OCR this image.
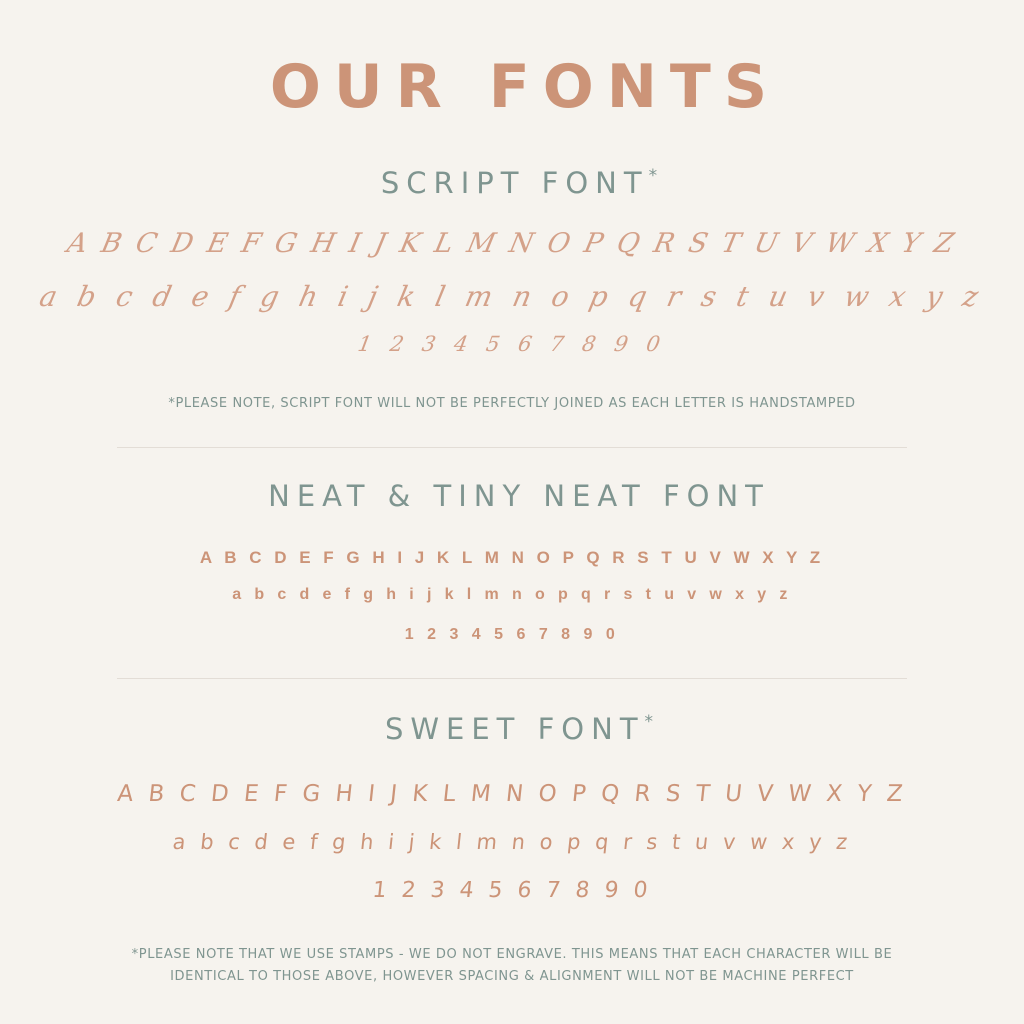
OUR FONTS
SCRIPT FONT*
A B C D E F G H I J K L M N O P Q R S T U V W X Y Z
a b c d e f g h i j k l m n o p q r s t u v w x y z
1 2 3 4 5 6 7 8 9 0
*PLEASE NOTE, SCRIPT FONT WILL NOT BE PERFECTLY JOINED AS EACH LETTER IS HANDSTAMPED
NEAT & TINY NEAT FONT
A B C D E F G H I J K L M N O P Q R S T U V W X Y Z
a b c d e f g h i j k l m n o p q r s t u v w x y z
1 2 3 4 5 6 7 8 9 0
SWEET FONT*
A B C D E F G H I J K L M N O P Q R S T U V W X Y Z
a b c d e f g h i j k l m n o p q r s t u v w x y z
1 2 3 4 5 6 7 8 9 0
*PLEASE NOTE THAT WE USE STAMPS - WE DO NOT ENGRAVE. THIS MEANS THAT EACH CHARACTER WILL BE
IDENTICAL TO THOSE ABOVE, HOWEVER SPACING & ALIGNMENT WILL NOT BE MACHINE PERFECT
